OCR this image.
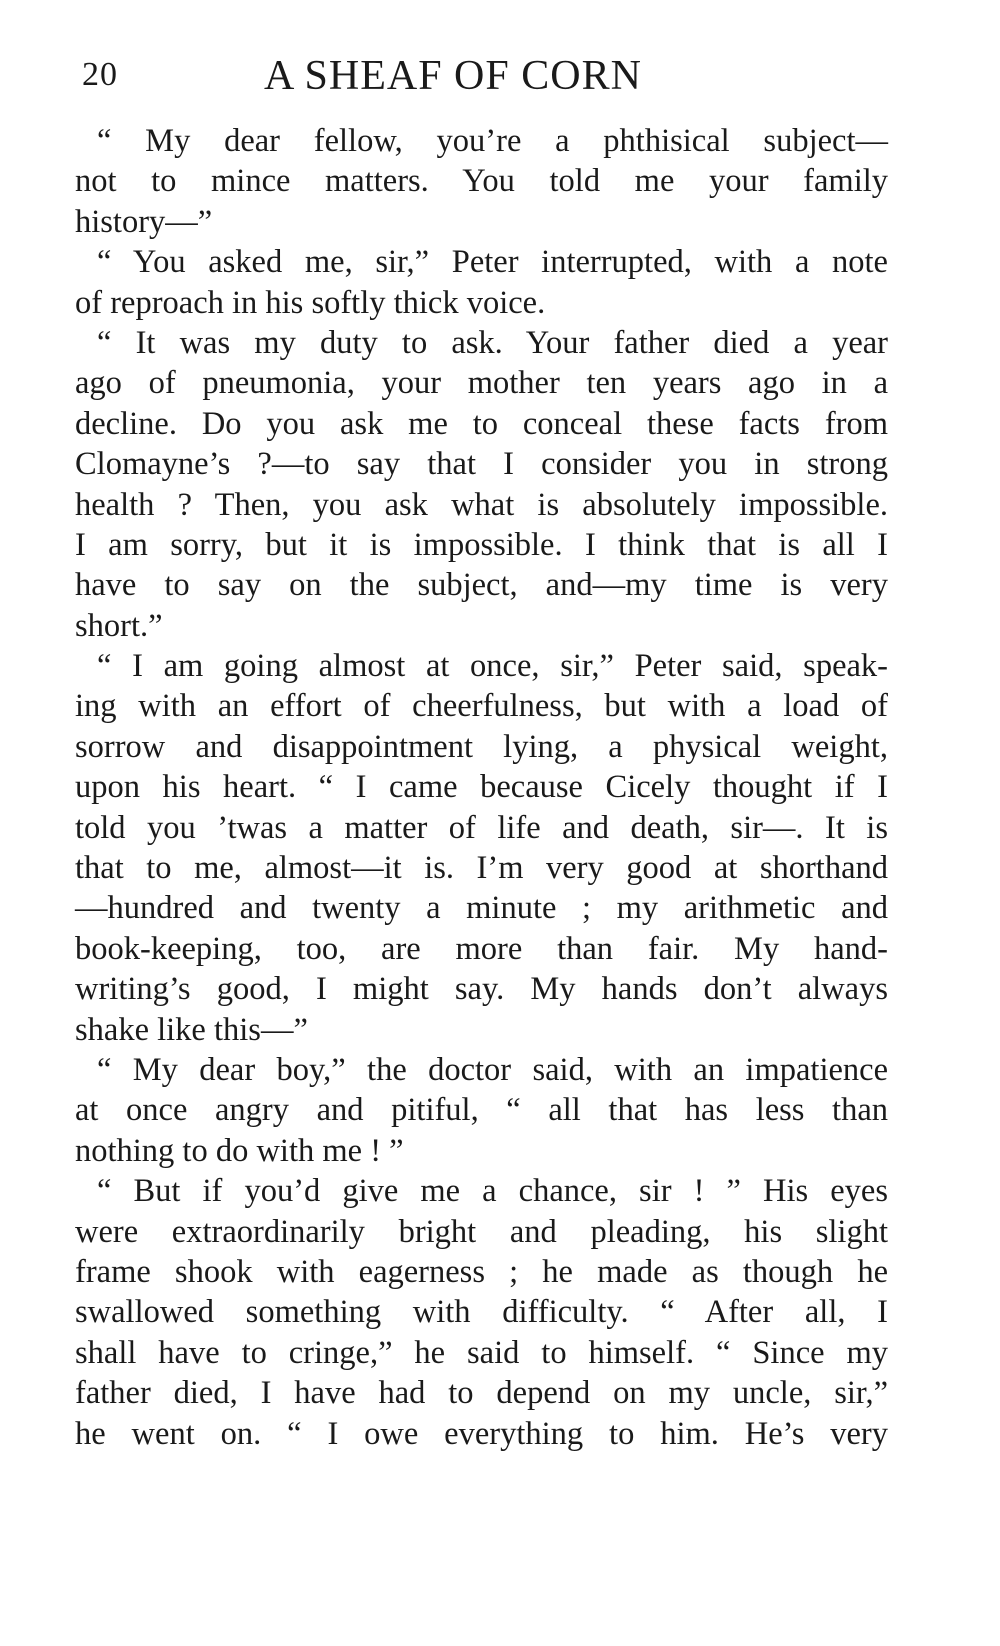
20	A SHEAF OF CORN
“ My dear fellow, you’re a phthisical subject—
not to mince matters. You told me your family
history—”
“ You asked me, sir,” Peter interrupted, with a note
of reproach in his softly thick voice.
“ It was my duty to ask. Your father died a year
ago of pneumonia, your mother ten years ago in a
decline. Do you ask me to conceal these facts from
Clomayne’s ?—to say that I consider you in strong
health ? Then, you ask what is absolutely impossible.
I am sorry, but it is impossible. I think that is all I
have to say on the subject, and—my time is very
short.”
“ I am going almost at once, sir,” Peter said, speak-
ing with an effort of cheerfulness, but with a load of
sorrow and disappointment lying, a physical weight,
upon his heart. “ I came because Cicely thought if I
told you ’twas a matter of life and death, sir—. It is
that to me, almost—it is. I’m very good at shorthand
—hundred and twenty a minute ; my arithmetic and
book-keeping, too, are more than fair. My hand-
writing’s good, I might say. My hands don’t always
shake like this—”
“ My dear boy,” the doctor said, with an impatience
at once angry and pitiful, “ all that has less than
nothing to do with me ! ”
“ But if you’d give me a chance, sir ! ” His eyes
were extraordinarily bright and pleading, his slight
frame shook with eagerness ; he made as though he
swallowed something with difficulty. “ After all, I
shall have to cringe,” he said to himself. “ Since my
father died, I have had to depend on my uncle, sir,”
he went on. “ I owe everything to him. He’s very
